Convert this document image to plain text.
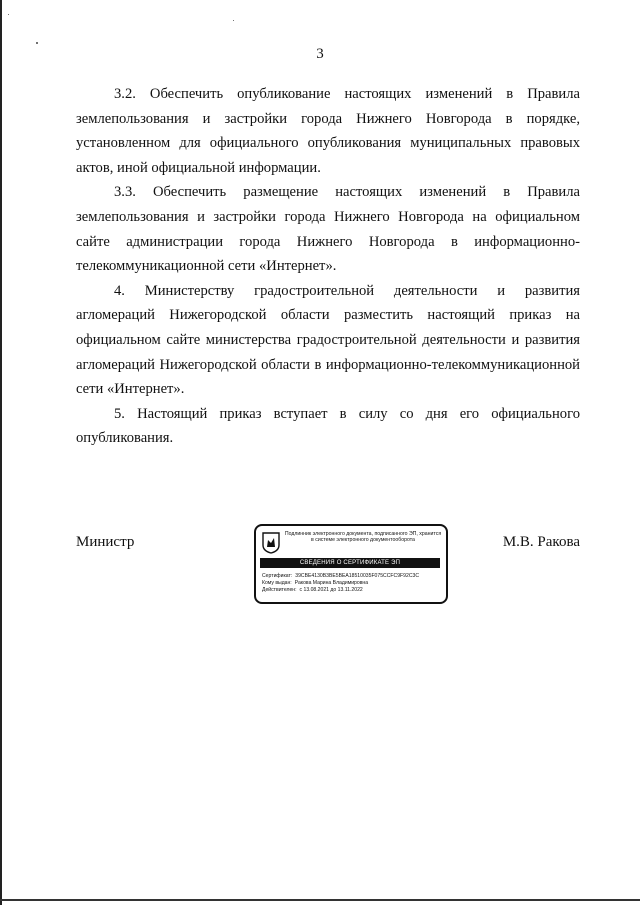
3

3.2. Обеспечить опубликование настоящих изменений в Правила землепользования и застройки города Нижнего Новгорода в порядке, установленном для официального опубликования муниципальных правовых актов, иной официальной информации.

3.3. Обеспечить размещение настоящих изменений в Правила землепользования и застройки города Нижнего Новгорода на официальном сайте администрации города Нижнего Новгорода в информационно-телекоммуникационной сети «Интернет».

4. Министерству градостроительной деятельности и развития агломераций Нижегородской области разместить настоящий приказ на официальном сайте министерства градостроительной деятельности и развития агломераций Нижегородской области в информационно-телекоммуникационной сети «Интернет».

5. Настоящий приказ вступает в силу со дня его официального опубликования.

Министр	Подлинник электронного документа, подписанного ЭП, хранится в системе электронного документооборота
СВЕДЕНИЯ О СЕРТИФИКАТЕ ЭП
Сертификат: 39CBE4130B3BE5BEA18510035F075CCFC9F92C3C
Кому выдан: Ракова Марина Владимировна
Действителен: с 13.08.2021 до 13.11.2022
М.В. Ракова
